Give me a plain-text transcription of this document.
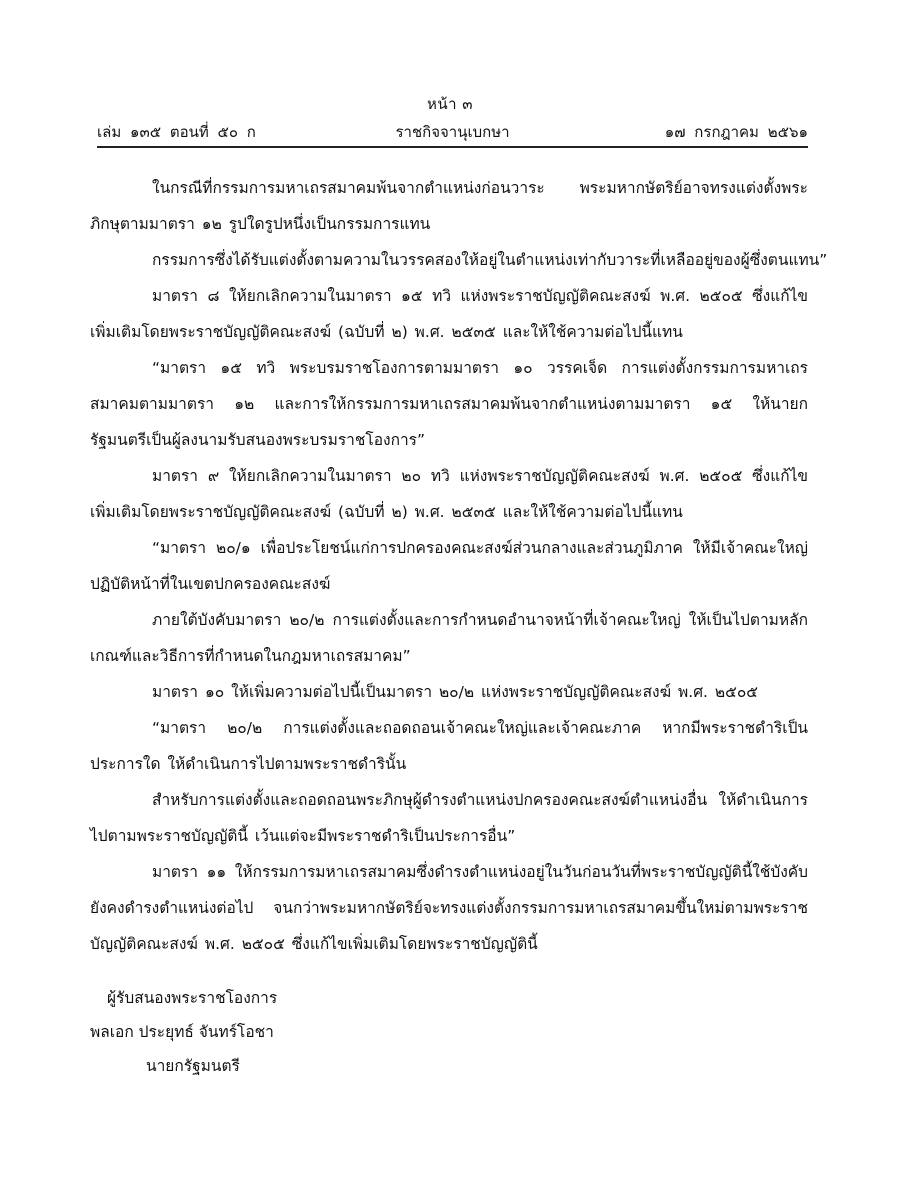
หน้า ๓
เล่ม ๑๓๕ ตอนที่ ๕๐ ก	ราชกิจจานุเบกษา	๑๗ กรกฎาคม ๒๕๖๑

ในกรณีที่กรรมการมหาเถรสมาคมพ้นจากตำแหน่งก่อนวาระ พระมหากษัตริย์อาจทรงแต่งตั้งพระภิกษุตามมาตรา ๑๒ รูปใดรูปหนึ่งเป็นกรรมการแทน

กรรมการซึ่งได้รับแต่งตั้งตามความในวรรคสองให้อยู่ในตำแหน่งเท่ากับวาระที่เหลืออยู่ของผู้ซึ่งตนแทน”

มาตรา ๘ ให้ยกเลิกความในมาตรา ๑๕ ทวิ แห่งพระราชบัญญัติคณะสงฆ์ พ.ศ. ๒๕๐๕ ซึ่งแก้ไขเพิ่มเติมโดยพระราชบัญญัติคณะสงฆ์ (ฉบับที่ ๒) พ.ศ. ๒๕๓๕ และให้ใช้ความต่อไปนี้แทน

“มาตรา ๑๕ ทวิ พระบรมราชโองการตามมาตรา ๑๐ วรรคเจ็ด การแต่งตั้งกรรมการมหาเถรสมาคมตามมาตรา ๑๒ และการให้กรรมการมหาเถรสมาคมพ้นจากตำแหน่งตามมาตรา ๑๕ ให้นายกรัฐมนตรีเป็นผู้ลงนามรับสนองพระบรมราชโองการ”

มาตรา ๙ ให้ยกเลิกความในมาตรา ๒๐ ทวิ แห่งพระราชบัญญัติคณะสงฆ์ พ.ศ. ๒๕๐๕ ซึ่งแก้ไขเพิ่มเติมโดยพระราชบัญญัติคณะสงฆ์ (ฉบับที่ ๒) พ.ศ. ๒๕๓๕ และให้ใช้ความต่อไปนี้แทน

“มาตรา ๒๐/๑ เพื่อประโยชน์แก่การปกครองคณะสงฆ์ส่วนกลางและส่วนภูมิภาค ให้มีเจ้าคณะใหญ่ปฏิบัติหน้าที่ในเขตปกครองคณะสงฆ์

ภายใต้บังคับมาตรา ๒๐/๒ การแต่งตั้งและการกำหนดอำนาจหน้าที่เจ้าคณะใหญ่ ให้เป็นไปตามหลักเกณฑ์และวิธีการที่กำหนดในกฎมหาเถรสมาคม”

มาตรา ๑๐ ให้เพิ่มความต่อไปนี้เป็นมาตรา ๒๐/๒ แห่งพระราชบัญญัติคณะสงฆ์ พ.ศ. ๒๕๐๕

“มาตรา ๒๐/๒ การแต่งตั้งและถอดถอนเจ้าคณะใหญ่และเจ้าคณะภาค หากมีพระราชดำริเป็นประการใด ให้ดำเนินการไปตามพระราชดำรินั้น

สำหรับการแต่งตั้งและถอดถอนพระภิกษุผู้ดำรงตำแหน่งปกครองคณะสงฆ์ตำแหน่งอื่น ให้ดำเนินการไปตามพระราชบัญญัตินี้ เว้นแต่จะมีพระราชดำริเป็นประการอื่น”

มาตรา ๑๑ ให้กรรมการมหาเถรสมาคมซึ่งดำรงตำแหน่งอยู่ในวันก่อนวันที่พระราชบัญญัตินี้ใช้บังคับ ยังคงดำรงตำแหน่งต่อไป จนกว่าพระมหากษัตริย์จะทรงแต่งตั้งกรรมการมหาเถรสมาคมขึ้นใหม่ตามพระราชบัญญัติคณะสงฆ์ พ.ศ. ๒๕๐๕ ซึ่งแก้ไขเพิ่มเติมโดยพระราชบัญญัตินี้

ผู้รับสนองพระราชโองการ
พลเอก ประยุทธ์ จันทร์โอชา
นายกรัฐมนตรี
